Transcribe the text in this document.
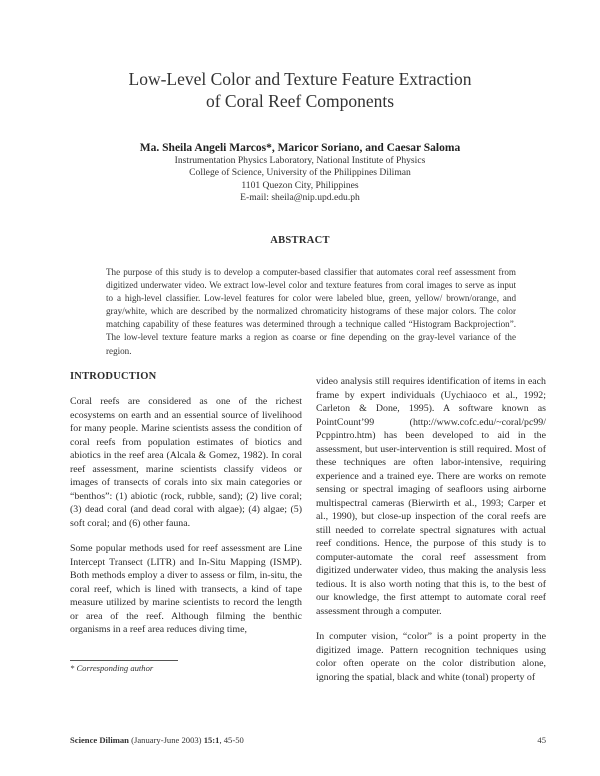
Low-Level Color and Texture Feature Extraction
of Coral Reef Components
Ma. Sheila Angeli Marcos*, Maricor Soriano, and Caesar Saloma
Instrumentation Physics Laboratory, National Institute of Physics
College of Science, University of the Philippines Diliman
1101 Quezon City, Philippines
E-mail: sheila@nip.upd.edu.ph
ABSTRACT
The purpose of this study is to develop a computer-based classifier that automates coral reef assessment from digitized underwater video. We extract low-level color and texture features from coral images to serve as input to a high-level classifier. Low-level features for color were labeled blue, green, yellow/ brown/orange, and gray/white, which are described by the normalized chromaticity histograms of these major colors. The color matching capability of these features was determined through a technique called “Histogram Backprojection”. The low-level texture feature marks a region as coarse or fine depending on the gray-level variance of the region.
INTRODUCTION

Coral reefs are considered as one of the richest ecosystems on earth and an essential source of livelihood for many people. Marine scientists assess the condition of coral reefs from population estimates of biotics and abiotics in the reef area (Alcala & Gomez, 1982). In coral reef assessment, marine scientists classify videos or images of transects of corals into six main categories or “benthos”: (1) abiotic (rock, rubble, sand); (2) live coral; (3) dead coral (and dead coral with algae); (4) algae; (5) soft coral; and (6) other fauna.

Some popular methods used for reef assessment are Line Intercept Transect (LITR) and In-Situ Mapping (ISMP). Both methods employ a diver to assess or film, in-situ, the coral reef, which is lined with transects, a kind of tape measure utilized by marine scientists to record the length or area of the reef. Although filming the benthic organisms in a reef area reduces diving time,

video analysis still requires identification of items in each frame by expert individuals (Uychiaoco et al., 1992; Carleton & Done, 1995). A software known as PointCount’99 (http://www.cofc.edu/~coral/pc99/ Pcppintro.htm) has been developed to aid in the assessment, but user-intervention is still required. Most of these techniques are often labor-intensive, requiring experience and a trained eye. There are works on remote sensing or spectral imaging of seafloors using airborne multispectral cameras (Bierwirth et al., 1993; Carper et al., 1990), but close-up inspection of the coral reefs are still needed to correlate spectral signatures with actual reef conditions. Hence, the purpose of this study is to computer-automate the coral reef assessment from digitized underwater video, thus making the analysis less tedious. It is also worth noting that this is, to the best of our knowledge, the first attempt to automate coral reef assessment through a computer.

In computer vision, “color” is a point property in the digitized image. Pattern recognition techniques using color often operate on the color distribution alone, ignoring the spatial, black and white (tonal) property of

* Corresponding author
Science Diliman (January-June 2003) 15:1, 45-50	45
